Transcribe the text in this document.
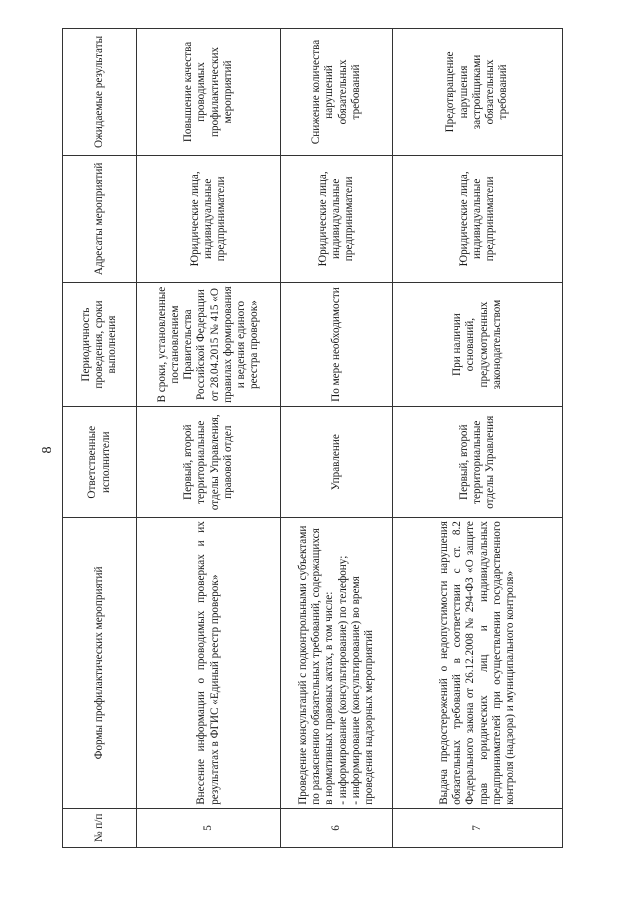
8
№ п/п	Формы профилактических мероприятий	Ответственные исполнители	Периодичность проведения, сроки выполнения	Адресаты мероприятий	Ожидаемые результаты
5	Внесение информации о проводимых проверках и их результатах в ФГИС «Единый реестр проверок»	Первый, второй территориальные отделы Управления, правовой отдел	В сроки, установленные постановлением Правительства Российской Федерации от 28.04.2015 № 415 «О правилах формирования и ведения единого реестра проверок»	Юридические лица, индивидуальные предприниматели	Повышение качества проводимых профилактических мероприятий
6	Проведение консультаций с подконтрольными субъектами по разъяснению обязательных требований, содержащихся в нормативных правовых актах, в том числе: - информирование (консультирование) по телефону; - информирование (консультирование) во время проведения надзорных мероприятий	Управление	По мере необходимости	Юридические лица, индивидуальные предприниматели	Снижение количества нарушений обязательных требований
7	Выдача предостережений о недопустимости нарушения обязательных требований в соответствии с ст. 8.2 Федерального закона от 26.12.2008 № 294-ФЗ «О защите прав юридических лиц и индивидуальных предпринимателей при осуществлении государственного контроля (надзора) и муниципального контроля»	Первый, второй территориальные отделы Управления	При наличии оснований, предусмотренных законодательством	Юридические лица, индивидуальные предприниматели	Предотвращение нарушения застройщиками обязательных требований
